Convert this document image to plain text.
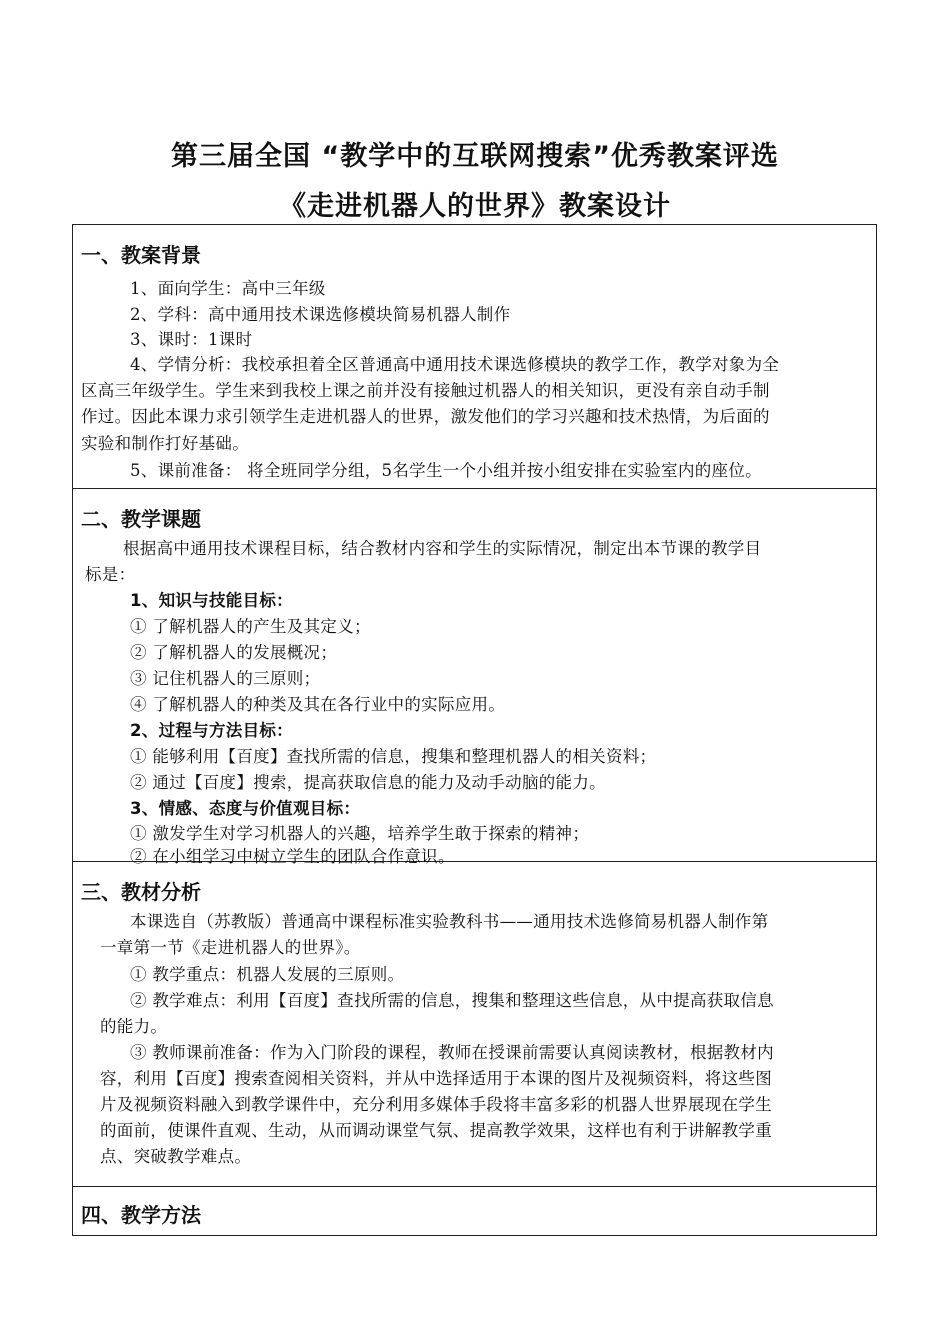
第三届全国 “教学中的互联网搜索”优秀教案评选
《走进机器人的世界》教案设计
一、教案背景
1、面向学生：高中三年级
2、学科：高中通用技术课选修模块简易机器人制作
3、课时：1课时
4、学情分析：我校承担着全区普通高中通用技术课选修模块的教学工作，教学对象为全
区高三年级学生。学生来到我校上课之前并没有接触过机器人的相关知识，更没有亲自动手制
作过。因此本课力求引领学生走进机器人的世界，激发他们的学习兴趣和技术热情，为后面的
实验和制作打好基础。
5、课前准备： 将全班同学分组，5名学生一个小组并按小组安排在实验室内的座位。
二、教学课题
根据高中通用技术课程目标，结合教材内容和学生的实际情况，制定出本节课的教学目
标是：
1、知识与技能目标：
① 了解机器人的产生及其定义；
② 了解机器人的发展概况；
③ 记住机器人的三原则；
④ 了解机器人的种类及其在各行业中的实际应用。
2、过程与方法目标：
① 能够利用【百度】查找所需的信息，搜集和整理机器人的相关资料；
② 通过【百度】搜索，提高获取信息的能力及动手动脑的能力。
3、情感、态度与价值观目标：
① 激发学生对学习机器人的兴趣，培养学生敢于探索的精神；
② 在小组学习中树立学生的团队合作意识。
三、教材分析
本课选自（苏教版）普通高中课程标准实验教科书——通用技术选修简易机器人制作第
一章第一节《走进机器人的世界》。
① 教学重点：机器人发展的三原则。
② 教学难点：利用【百度】查找所需的信息，搜集和整理这些信息，从中提高获取信息
的能力。
③ 教师课前准备：作为入门阶段的课程，教师在授课前需要认真阅读教材，根据教材内
容，利用【百度】搜索查阅相关资料，并从中选择适用于本课的图片及视频资料，将这些图
片及视频资料融入到教学课件中，充分利用多媒体手段将丰富多彩的机器人世界展现在学生
的面前，使课件直观、生动，从而调动课堂气氛、提高教学效果，这样也有利于讲解教学重
点、突破教学难点。
四、教学方法
